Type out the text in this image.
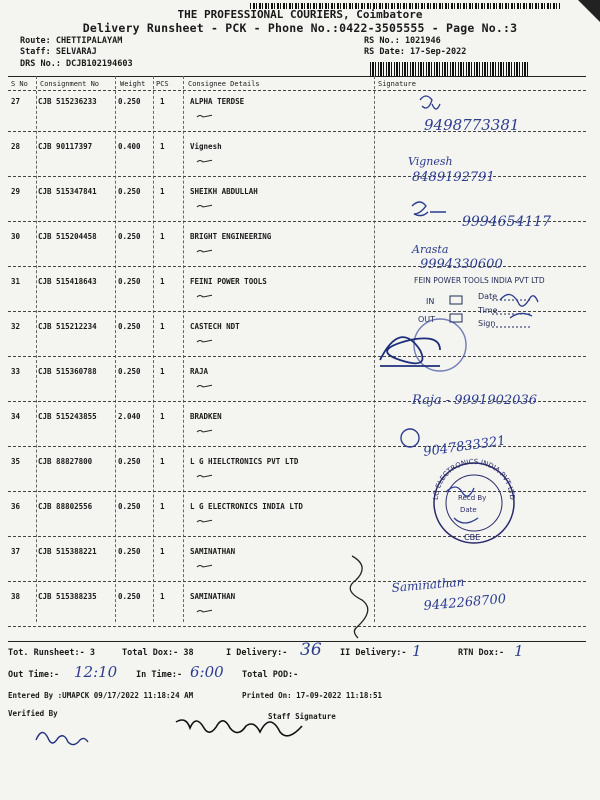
THE PROFESSIONAL COURIERS, Coimbatore
Delivery Runsheet - PCK - Phone No.:0422-3505555 - Page No.:3
Route: CHETTIPALAYAM
Staff: SELVARAJ
DRS No.: DCJB102194603
RS No.: 1021946
RS Date: 17-Sep-2022
S No Consignment No	Weight PCS	Consignee Details	Signature
27 CJB 515236233	0.250	1	ALPHA TERDSE
28 CJB 90117397	0.400	1	Vignesh
29 CJB 515347841	0.250	1	SHEIKH ABDULLAH
30 CJB 515204458	0.250	1	BRIGHT ENGINEERING
31 CJB 515418643	0.250	1	FEINI POWER TOOLS
32 CJB 515212234	0.250	1	CASTECH NDT
33 CJB 515360788	0.250	1	RAJA
34 CJB 515243855	2.040	1	BRADKEN
35 CJB 88827800	0.250	1	L G HIELCTRONICS PVT LTD
36 CJB 88802556	0.250	1	L G ELECTRONICS INDIA LTD
37 CJB 515388221	0.250	1	SAMINATHAN
38 CJB 515388235	0.250	1	SAMINATHAN
9498773381
Vignesh
8489192791
9994654117
Arasta
9994330600
FEIN POWER TOOLS INDIA PVT LTD
IN
OUT
Date
Time
Sign
Raja - 9991902036
9047833321
LG ELECTRONICS INDIA PVT LTD
Recd By
Date
CBE
Saminathan
9442268700
Tot. Runsheet:- 3	Total Dox:- 38	I Delivery:- 36 II Delivery:- 1	RTN Dox:- 1
Out Time:- 12:10 In Time:- 6:00 Total POD:-
Entered By :UMAPCK 09/17/2022 11:18:24 AM	Printed On: 17-09-2022 11:18:51
Verified By	Staff Signature
